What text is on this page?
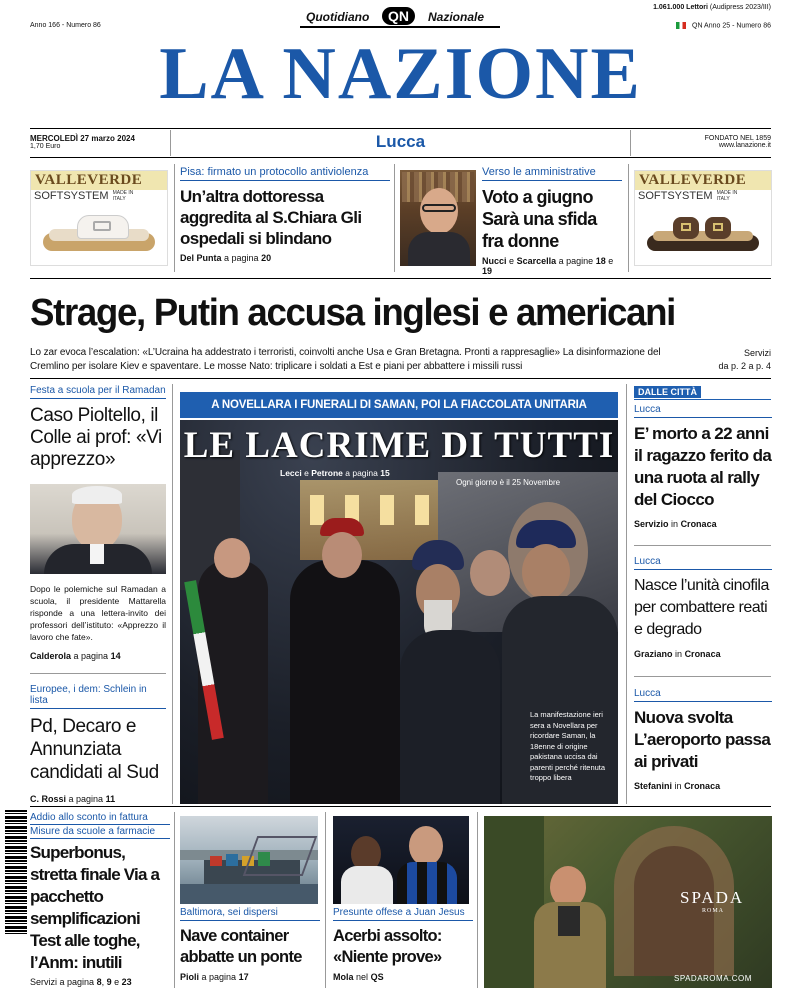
Anno 166 - Numero 86
Quotidiano	QN	Nazionale
1.061.000 Lettori (Audipress 2023/III)
QN Anno 25 - Numero 86
LA NAZIONE
MERCOLEDÌ 27 marzo 2024
1,70 Euro	Lucca	FONDATO NEL 1859
www.lanazione.it
VALLEVERDE
SOFTSYSTEM MADE IN ITALY
Pisa: firmato un protocollo antiviolenza
Un’altra dottoressa aggredita al S.Chiara Gli ospedali si blindano
Del Punta a pagina 20
Verso le amministrative
Voto a giugno Sarà una sfida fra donne
Nucci e Scarcella a pagine 18 e 19
VALLEVERDE
SOFTSYSTEM MADE IN ITALY
Strage, Putin accusa inglesi e americani
Lo zar evoca l’escalation: «L’Ucraina ha addestrato i terroristi, coinvolti anche Usa e Gran Bretagna. Pronti a rappresaglie» La disinformazione del Cremlino per isolare Kiev e spaventare. Le mosse Nato: triplicare i soldati a Est e piani per abbattere i missili russi
Servizi
da p. 2 a p. 4
Festa a scuola per il Ramadan
Caso Pioltello, il Colle ai prof: «Vi apprezzo»
Dopo le polemiche sul Ramadan a scuola, il presidente Mattarella risponde a una lettera-invito dei professori dell’istituto: «Apprezzo il lavoro che fate».
Calderola a pagina 14
Europee, i dem: Schlein in lista
Pd, Decaro e Annunziata candidati al Sud
C. Rossi a pagina 11
A NOVELLARA I FUNERALI DI SAMAN, POI LA FIACCOLATA UNITARIA
Ogni giorno è il 25 Novembre
LE LACRIME DI TUTTI
Lecci e Petrone a pagina 15
La manifestazione ieri sera a Novellara per ricordare Saman, la 18enne di origine pakistana uccisa dai parenti perché ritenuta troppo libera
DALLE CITTÀ
Lucca
E’ morto a 22 anni il ragazzo ferito da una ruota al rally del Ciocco
Servizio in Cronaca
Lucca
Nasce l’unità cinofila per combattere reati e degrado
Graziano in Cronaca
Lucca
Nuova svolta L’aeroporto passa ai privati
Stefanini in Cronaca
Addio allo sconto in fattura
Misure da scuole a farmacie
Superbonus, stretta finale Via a pacchetto semplificazioni Test alle toghe, l’Anm: inutili
Servizi a pagina 8, 9 e 23
Baltimora, sei dispersi
Nave container abbatte un ponte
Pioli a pagina 17
Presunte offese a Juan Jesus
Acerbi assolto: «Niente prove»
Mola nel QS
SPADA
ROMA
SPADAROMA.COM
